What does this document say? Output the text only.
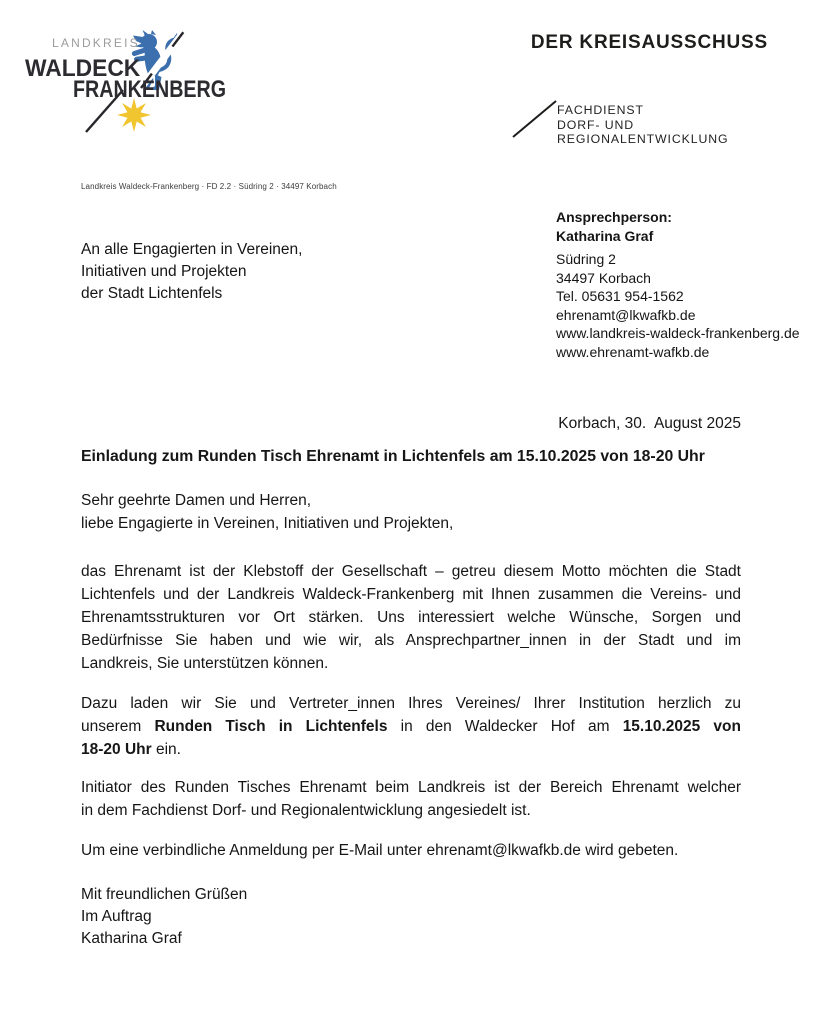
LANDKREIS
WALDECK
FRANKENBERG
DER KREISAUSSCHUSS
FACHDIENST
DORF- UND
REGIONALENTWICKLUNG
Landkreis Waldeck-Frankenberg · FD 2.2 · Südring 2 · 34497 Korbach
An alle Engagierten in Vereinen,
Initiativen und Projekten
der Stadt Lichtenfels
Ansprechperson:
Katharina Graf
Südring 2
34497 Korbach
Tel. 05631 954-1562
ehrenamt@lkwafkb.de
www.landkreis-waldeck-frankenberg.de
www.ehrenamt-wafkb.de
Korbach, 30.  August 2025
Einladung zum Runden Tisch Ehrenamt in Lichtenfels am 15.10.2025 von 18-20 Uhr
Sehr geehrte Damen und Herren,
liebe Engagierte in Vereinen, Initiativen und Projekten,
das Ehrenamt ist der Klebstoff der Gesellschaft – getreu diesem Motto möchten die Stadt
Lichtenfels und der Landkreis Waldeck-Frankenberg mit Ihnen zusammen die Vereins- und
Ehrenamtsstrukturen vor Ort stärken. Uns interessiert welche Wünsche, Sorgen und
Bedürfnisse Sie haben und wie wir, als Ansprechpartner_innen in der Stadt und im
Landkreis, Sie unterstützen können.
Dazu laden wir Sie und Vertreter_innen Ihres Vereines/ Ihrer Institution herzlich zu
unserem Runden Tisch in Lichtenfels in den Waldecker Hof am 15.10.2025 von
18-20 Uhr ein.
Initiator des Runden Tisches Ehrenamt beim Landkreis ist der Bereich Ehrenamt welcher
in dem Fachdienst Dorf- und Regionalentwicklung angesiedelt ist.
Um eine verbindliche Anmeldung per E-Mail unter ehrenamt@lkwafkb.de wird gebeten.
Mit freundlichen Grüßen
Im Auftrag
Katharina Graf
